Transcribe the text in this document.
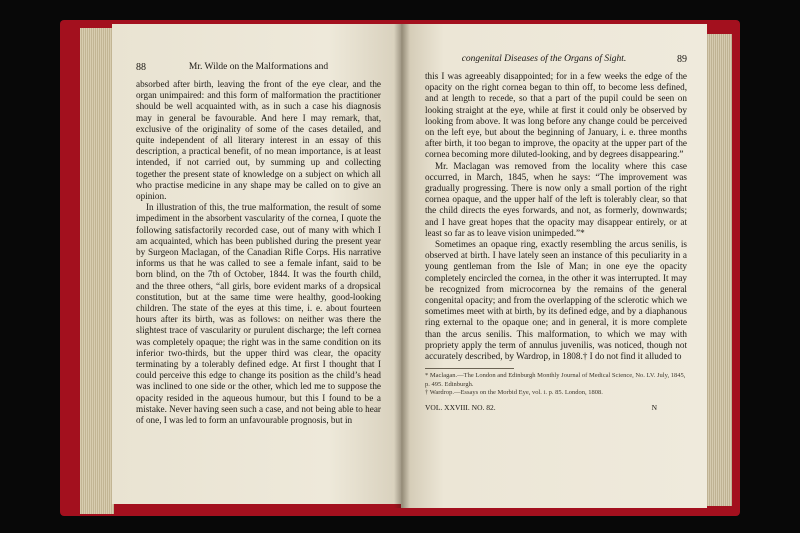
88	Mr. Wilde on the Malformations and

absorbed after birth, leaving the front of the eye clear, and the organ unimpaired: and this form of malformation the practitioner should be well acquainted with, as in such a case his diagnosis may in general be favourable. And here I may remark, that, exclusive of the originality of some of the cases detailed, and quite independent of all literary interest in an essay of this description, a practical benefit, of no mean importance, is at least intended, if not carried out, by summing up and collecting together the present state of knowledge on a subject on which all who practise medicine in any shape may be called on to give an opinion.

In illustration of this, the true malformation, the result of some impediment in the absorbent vascularity of the cornea, I quote the following satisfactorily recorded case, out of many with which I am acquainted, which has been published during the present year by Surgeon Maclagan, of the Canadian Rifle Corps. His narrative informs us that he was called to see a female infant, said to be born blind, on the 7th of October, 1844. It was the fourth child, and the three others, “all girls, bore evident marks of a dropsical constitution, but at the same time were healthy, good-looking children. The state of the eyes at this time, i. e. about fourteen hours after its birth, was as follows: on neither was there the slightest trace of vascularity or purulent discharge; the left cornea was completely opaque; the right was in the same condition on its inferior two-thirds, but the upper third was clear, the opacity terminating by a tolerably defined edge. At first I thought that I could perceive this edge to change its position as the child’s head was inclined to one side or the other, which led me to suppose the opacity resided in the aqueous humour, but this I found to be a mistake. Never having seen such a case, and not being able to hear of one, I was led to form an unfavourable prognosis, but in

congenital Diseases of the Organs of Sight.	89

this I was agreeably disappointed; for in a few weeks the edge of the opacity on the right cornea began to thin off, to become less defined, and at length to recede, so that a part of the pupil could be seen on looking straight at the eye, while at first it could only be observed by looking from above. It was long before any change could be perceived on the left eye, but about the beginning of January, i. e. three months after birth, it too began to improve, the opacity at the upper part of the cornea becoming more diluted-looking, and by degrees disappearing.”

Mr. Maclagan was removed from the locality where this case occurred, in March, 1845, when he says: “The improvement was gradually progressing. There is now only a small portion of the right cornea opaque, and the upper half of the left is tolerably clear, so that the child directs the eyes forwards, and not, as formerly, downwards; and I have great hopes that the opacity may disappear entirely, or at least so far as to leave vision unimpeded.”*

Sometimes an opaque ring, exactly resembling the arcus senilis, is observed at birth. I have lately seen an instance of this peculiarity in a young gentleman from the Isle of Man; in one eye the opacity completely encircled the cornea, in the other it was interrupted. It may be recognized from microcornea by the remains of the general congenital opacity; and from the overlapping of the sclerotic which we sometimes meet with at birth, by its defined edge, and by a diaphanous ring external to the opaque one; and in general, it is more complete than the arcus senilis. This malformation, to which we may with propriety apply the term of annulus juvenilis, was noticed, though not accurately described, by Wardrop, in 1808.† I do not find it alluded to

* Maclagan.—The London and Edinburgh Monthly Journal of Medical Science, No. LV. July, 1845, p. 495. Edinburgh.
† Wardrop.—Essays on the Morbid Eye, vol. i. p. 85. London, 1808.
VOL. XXVIII. NO. 82.	N
